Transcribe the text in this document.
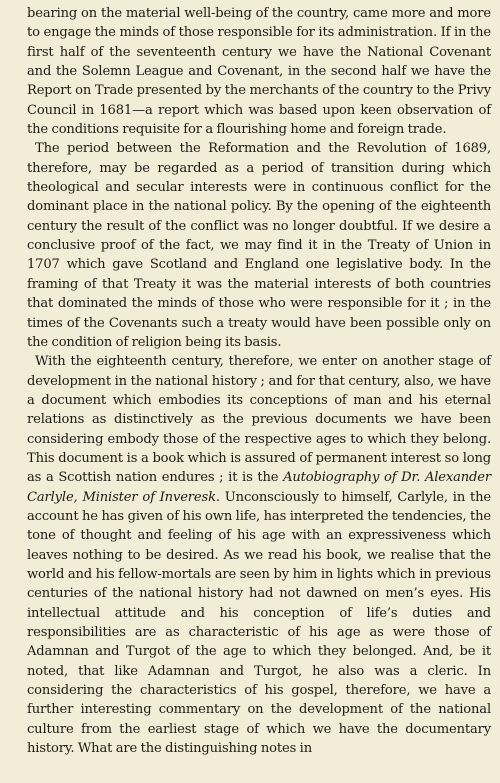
bearing on the material well-being of the country, came more and more to engage the minds of those responsible for its administration. If in the first half of the seventeenth century we have the National Covenant and the Solemn League and Covenant, in the second half we have the Report on Trade presented by the merchants of the country to the Privy Council in 1681—a report which was based upon keen observation of the conditions requisite for a flourishing home and foreign trade.

The period between the Reformation and the Revolution of 1689, therefore, may be regarded as a period of transition during which theological and secular interests were in continuous conflict for the dominant place in the national policy. By the opening of the eighteenth century the result of the conflict was no longer doubtful. If we desire a conclusive proof of the fact, we may find it in the Treaty of Union in 1707 which gave Scotland and England one legislative body. In the framing of that Treaty it was the material interests of both countries that dominated the minds of those who were responsible for it ; in the times of the Covenants such a treaty would have been possible only on the condition of religion being its basis.

With the eighteenth century, therefore, we enter on another stage of development in the national history ; and for that century, also, we have a document which embodies its conceptions of man and his eternal relations as distinctively as the previous documents we have been considering embody those of the respective ages to which they belong. This document is a book which is assured of permanent interest so long as a Scottish nation endures ; it is the Autobiography of Dr. Alexander Carlyle, Minister of Inveresk. Unconsciously to himself, Carlyle, in the account he has given of his own life, has interpreted the tendencies, the tone of thought and feeling of his age with an expressiveness which leaves nothing to be desired. As we read his book, we realise that the world and his fellow-mortals are seen by him in lights which in previous centuries of the national history had not dawned on men’s eyes. His intellectual attitude and his conception of life’s duties and responsibilities are as characteristic of his age as were those of Adamnan and Turgot of the age to which they belonged. And, be it noted, that like Adamnan and Turgot, he also was a cleric. In considering the characteristics of his gospel, therefore, we have a further interesting commentary on the development of the national culture from the earliest stage of which we have the documentary history. What are the distinguishing notes in
